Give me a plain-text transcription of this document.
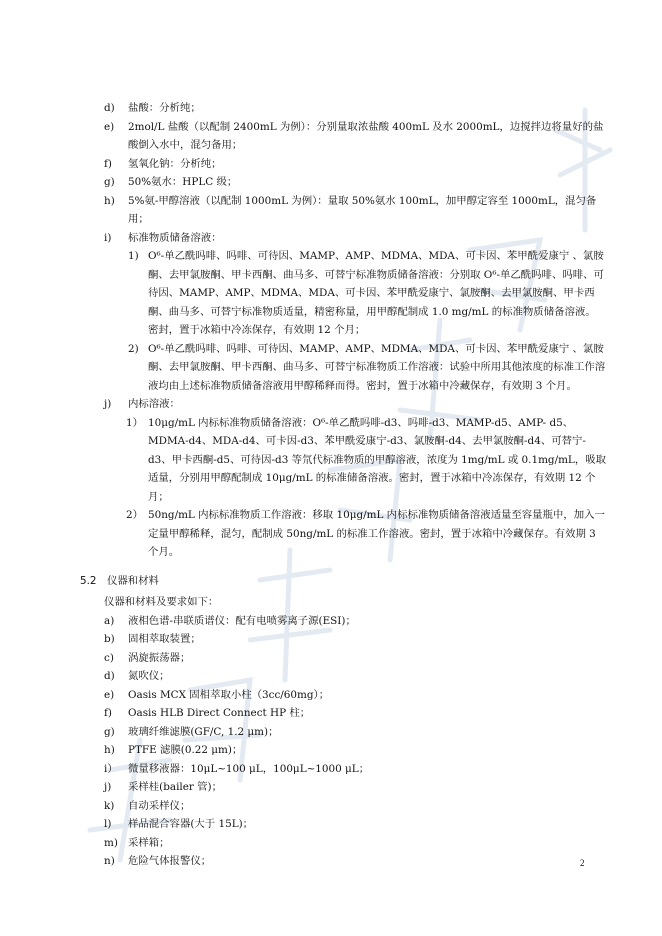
d) 盐酸：分析纯；
e) 2mol/L 盐酸（以配制 2400mL 为例）：分别量取浓盐酸 400mL 及水 2000mL，边搅拌边将量好的盐酸倒入水中，混匀备用；
f) 氢氧化钠：分析纯；
g) 50%氨水：HPLC 级；
h) 5%氨-甲醇溶液（以配制 1000mL 为例）：量取 50%氨水 100mL，加甲醇定容至 1000mL，混匀备用；
i) 标准物质储备溶液：
1) O⁶-单乙酰吗啡、吗啡、可待因、MAMP、AMP、MDMA、MDA、可卡因、苯甲酰爱康宁 、氯胺酮、去甲氯胺酮、甲卡西酮、曲马多、可替宁标准物质储备溶液：分别取 O⁶-单乙酰吗啡、吗啡、可待因、MAMP、AMP、MDMA、MDA、可卡因、苯甲酰爱康宁、氯胺酮、去甲氯胺酮、甲卡西酮、曲马多、可替宁标准物质适量，精密称量，用甲醇配制成 1.0 mg/mL 的标准物质储备溶液。密封，置于冰箱中冷冻保存，有效期 12 个月；
2) O⁶-单乙酰吗啡、吗啡、可待因、MAMP、AMP、MDMA、MDA、可卡因、苯甲酰爱康宁 、氯胺酮、去甲氯胺酮、甲卡西酮、曲马多、可替宁标准物质工作溶液：试验中所用其他浓度的标准工作溶液均由上述标准物质储备溶液用甲醇稀释而得。密封，置于冰箱中冷藏保存，有效期 3 个月。
j) 内标溶液：
1） 10μg/mL 内标标准物质储备溶液：O⁶-单乙酰吗啡-d3、吗啡-d3、MAMP-d5、AMP- d5、MDMA-d4、MDA-d4、可卡因-d3、苯甲酰爱康宁-d3、氯胺酮-d4、去甲氯胺酮-d4、可替宁-d3、甲卡西酮-d5、可待因-d3 等氘代标准物质的甲醇溶液，浓度为 1mg/mL 或 0.1mg/mL，吸取适量，分别用甲醇配制成 10μg/mL 的标准储备溶液。密封，置于冰箱中冷冻保存，有效期 12 个月；
2） 50ng/mL 内标标准物质工作溶液：移取 10μg/mL 内标标准物质储备溶液适量至容量瓶中，加入一定量甲醇稀释，混匀，配制成 50ng/mL 的标准工作溶液。密封，置于冰箱中冷藏保存。有效期 3 个月。
5.2 仪器和材料
仪器和材料及要求如下：
a) 液相色谱-串联质谱仪：配有电喷雾离子源(ESI)；
b) 固相萃取装置；
c) 涡旋振荡器；
d) 氮吹仪；
e) Oasis MCX 固相萃取小柱（3cc/60mg）；
f) Oasis HLB Direct Connect HP 柱；
g) 玻璃纤维滤膜(GF/C, 1.2 μm)；
h) PTFE 滤膜(0.22 μm)；
i） 微量移液器：10μL~100 μL，100μL~1000 μL；
j) 采样桂(bailer 管)；
k) 自动采样仪；
l) 样品混合容器(大于 15L)；
m) 采样箱；
n) 危险气体报警仪；	2
